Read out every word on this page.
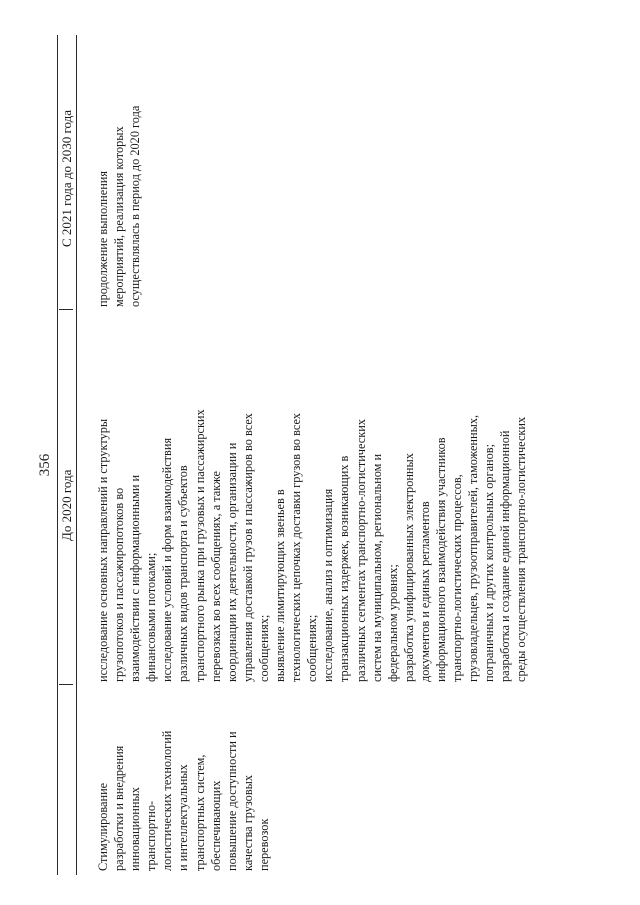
356
До 2020 года
С 2021 года до 2030 года
Стимулирование разработки и внедрения инновационных транспортно- логистических технологий и интеллектуальных транспортных систем, обеспечивающих повышение доступности и качества грузовых перевозок
исследование основных направлений и структуры грузопотоков и пассажиропотоков во взаимодействии с информационными и финансовыми потоками; исследование условий и форм взаимодействия различных видов транспорта и субъектов транспортного рынка при грузовых и пассажирских перевозках во всех сообщениях, а также координации их деятельности, организации и управления доставкой грузов и пассажиров во всех сообщениях; выявление лимитирующих звеньев в технологических цепочках доставки грузов во всех сообщениях; исследование, анализ и оптимизация транзакционных издержек, возникающих в различных сегментах транспортно-логистических систем на муниципальном, региональном и федеральном уровнях; разработка унифицированных электронных документов и единых регламентов информационного взаимодействия участников транспортно-логистических процессов, грузовладельцев, грузоотправителей, таможенных, пограничных и других контрольных органов; разработка и создание единой информационной среды осуществления транспортно-логистических
продолжение выполнения мероприятий, реализация которых осуществлялась в период до 2020 года
